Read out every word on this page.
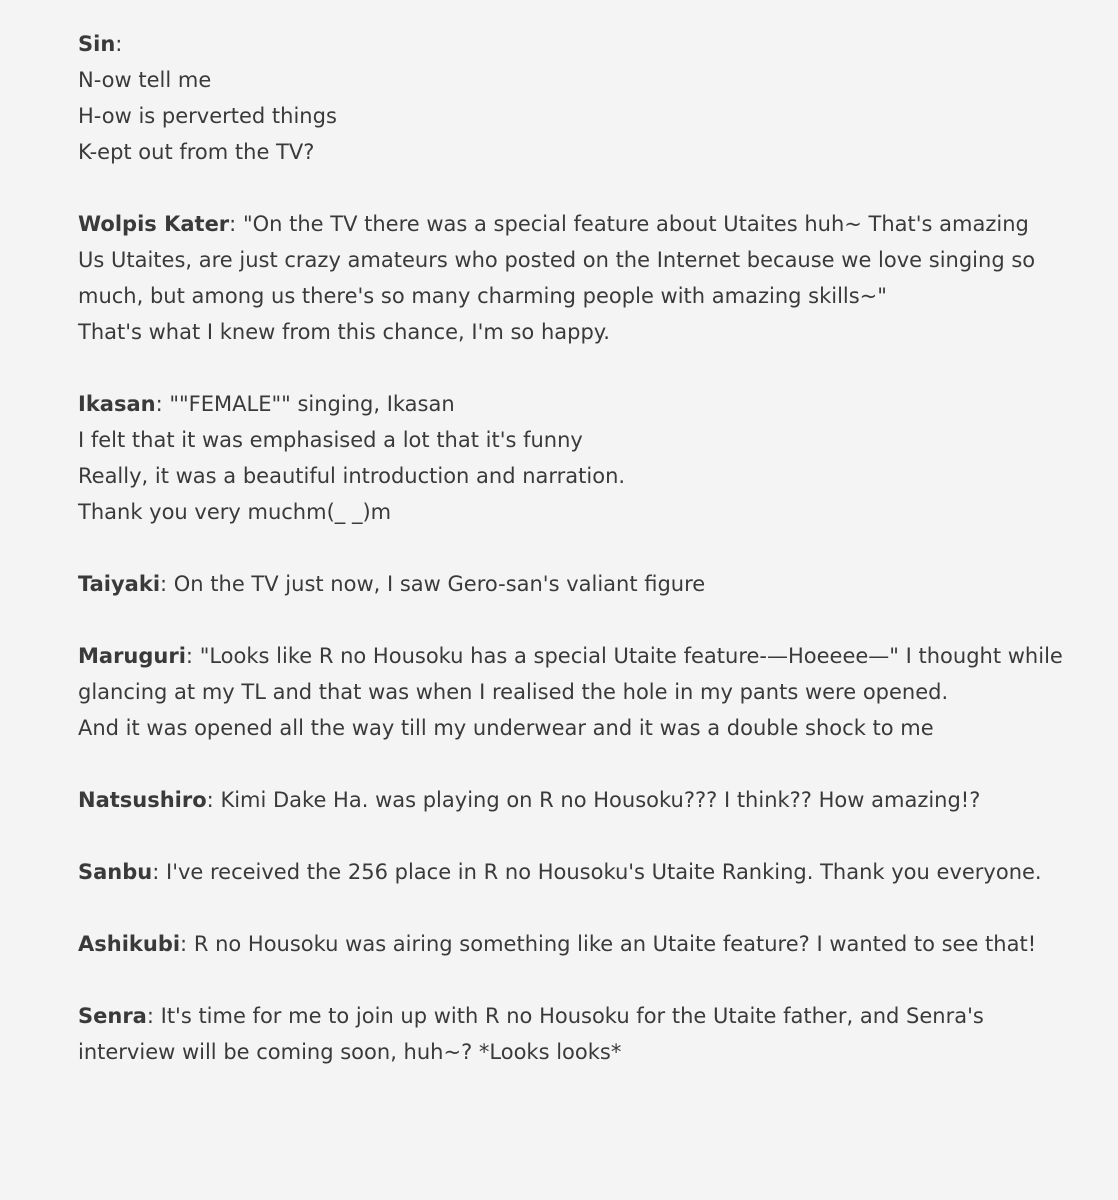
Sin:
N-ow tell me
H-ow is perverted things
K-ept out from the TV?
Wolpis Kater: "On the TV there was a special feature about Utaites huh~ That's amazing
Us Utaites, are just crazy amateurs who posted on the Internet because we love singing so much, but among us there's so many charming people with amazing skills~"
That's what I knew from this chance, I'm so happy.
Ikasan: ""FEMALE"" singing, Ikasan
I felt that it was emphasised a lot that it's funny
Really, it was a beautiful introduction and narration.
Thank you very muchm(_ _)m
Taiyaki: On the TV just now, I saw Gero-san's valiant figure
Maruguri: "Looks like R no Housoku has a special Utaite feature-—Hoeeee—" I thought while glancing at my TL and that was when I realised the hole in my pants were opened.
And it was opened all the way till my underwear and it was a double shock to me
Natsushiro: Kimi Dake Ha. was playing on R no Housoku??? I think?? How amazing!?
Sanbu: I've received the 256 place in R no Housoku's Utaite Ranking. Thank you everyone.
Ashikubi: R no Housoku was airing something like an Utaite feature? I wanted to see that!
Senra: It's time for me to join up with R no Housoku for the Utaite father, and Senra's interview will be coming soon, huh~? *Looks looks*
